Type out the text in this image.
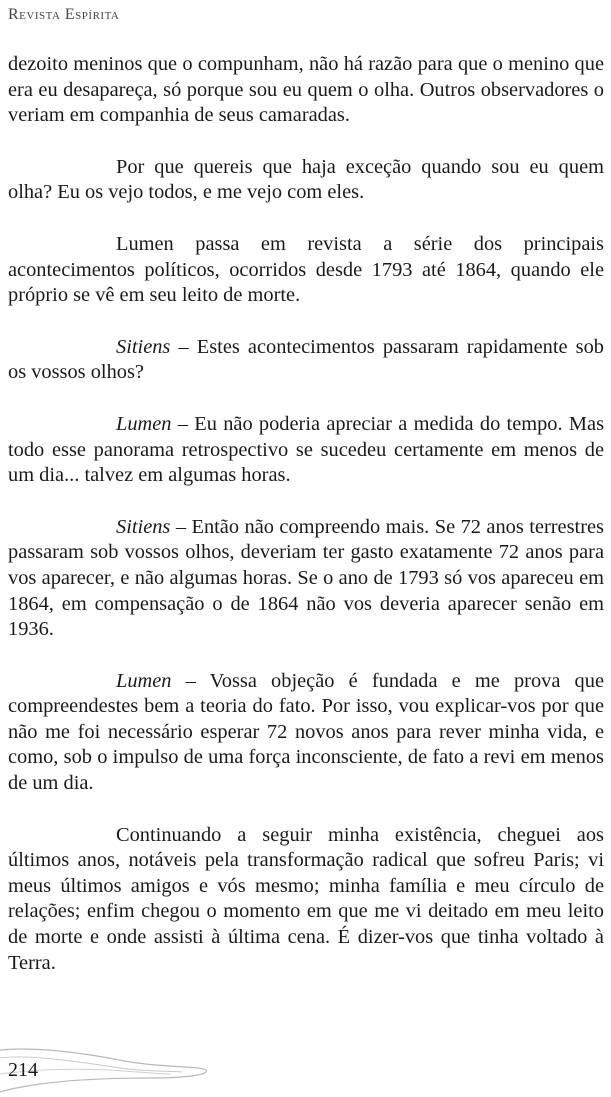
Revista Espírita

dezoito meninos que o compunham, não há razão para que o menino que era eu desapareça, só porque sou eu quem o olha. Outros observadores o veriam em companhia de seus camaradas.

Por que quereis que haja exceção quando sou eu quem olha? Eu os vejo todos, e me vejo com eles.

Lumen passa em revista a série dos principais acontecimentos políticos, ocorridos desde 1793 até 1864, quando ele próprio se vê em seu leito de morte.

Sitiens – Estes acontecimentos passaram rapidamente sob os vossos olhos?

Lumen – Eu não poderia apreciar a medida do tempo. Mas todo esse panorama retrospectivo se sucedeu certamente em menos de um dia... talvez em algumas horas.

Sitiens – Então não compreendo mais. Se 72 anos terrestres passaram sob vossos olhos, deveriam ter gasto exatamente 72 anos para vos aparecer, e não algumas horas. Se o ano de 1793 só vos apareceu em 1864, em compensação o de 1864 não vos deveria aparecer senão em 1936.

Lumen – Vossa objeção é fundada e me prova que compreendestes bem a teoria do fato. Por isso, vou explicar-vos por que não me foi necessário esperar 72 novos anos para rever minha vida, e como, sob o impulso de uma força inconsciente, de fato a revi em menos de um dia.

Continuando a seguir minha existência, cheguei aos últimos anos, notáveis pela transformação radical que sofreu Paris; vi meus últimos amigos e vós mesmo; minha família e meu círculo de relações; enfim chegou o momento em que me vi deitado em meu leito de morte e onde assisti à última cena. É dizer-vos que tinha voltado à Terra.

214
